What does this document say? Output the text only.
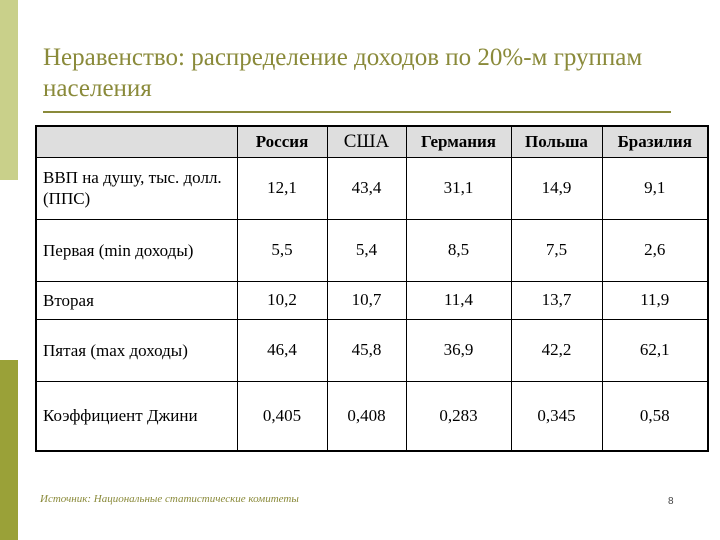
Неравенство: распределение доходов по 20%-м группам населения
	Россия	США	Германия	Польша	Бразилия
ВВП на душу, тыс. долл. (ППС)	12,1	43,4	31,1	14,9	9,1
Первая (min доходы)	5,5	5,4	8,5	7,5	2,6
Вторая	10,2	10,7	11,4	13,7	11,9
Пятая (max доходы)	46,4	45,8	36,9	42,2	62,1
Коэффициент Джини	0,405	0,408	0,283	0,345	0,58
Источник: Национальные статистические комитеты	8
